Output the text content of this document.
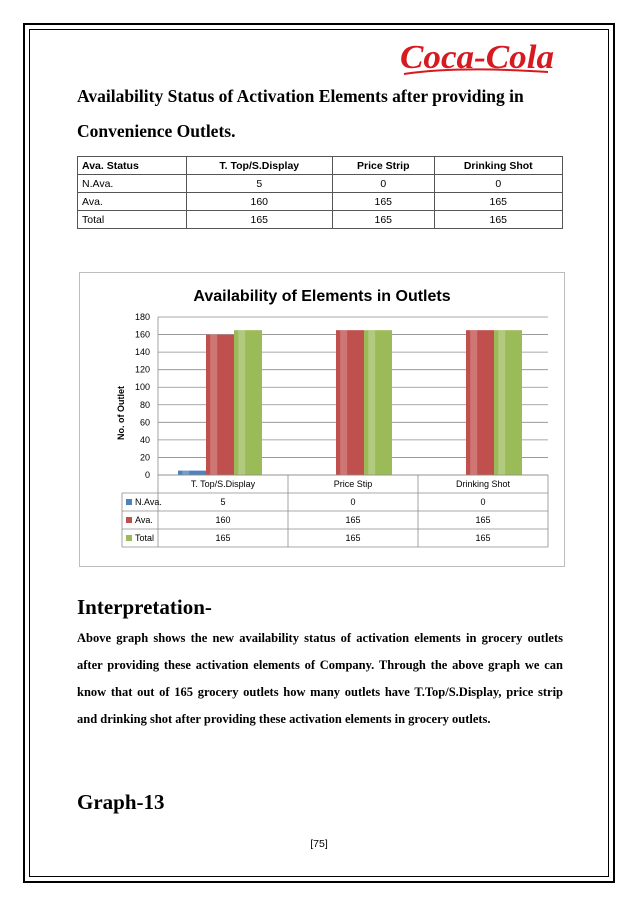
Coca-Cola
Availability Status of Activation Elements after providing in Convenience Outlets.
Ava. Status	T. Top/S.Display	Price Strip	Drinking Shot
N.Ava.	5	0	0
Ava.	160	165	165
Total	165	165	165
Availability of Elements in Outlets
No. of Outlet
0
20
40
60
80
100
120
140
160
180
T. Top/S.Display	Price Stip	Drinking Shot
N.Ava.	5	0	0
Ava.	160	165	165
Total	165	165	165
Interpretation-

Above graph shows the new availability status of activation elements in grocery outlets after providing these activation elements of Company. Through the above graph we can know that out of 165 grocery outlets how many outlets have T.Top/S.Display, price strip and drinking shot after providing these activation elements in grocery outlets.

Graph-13
[75]
